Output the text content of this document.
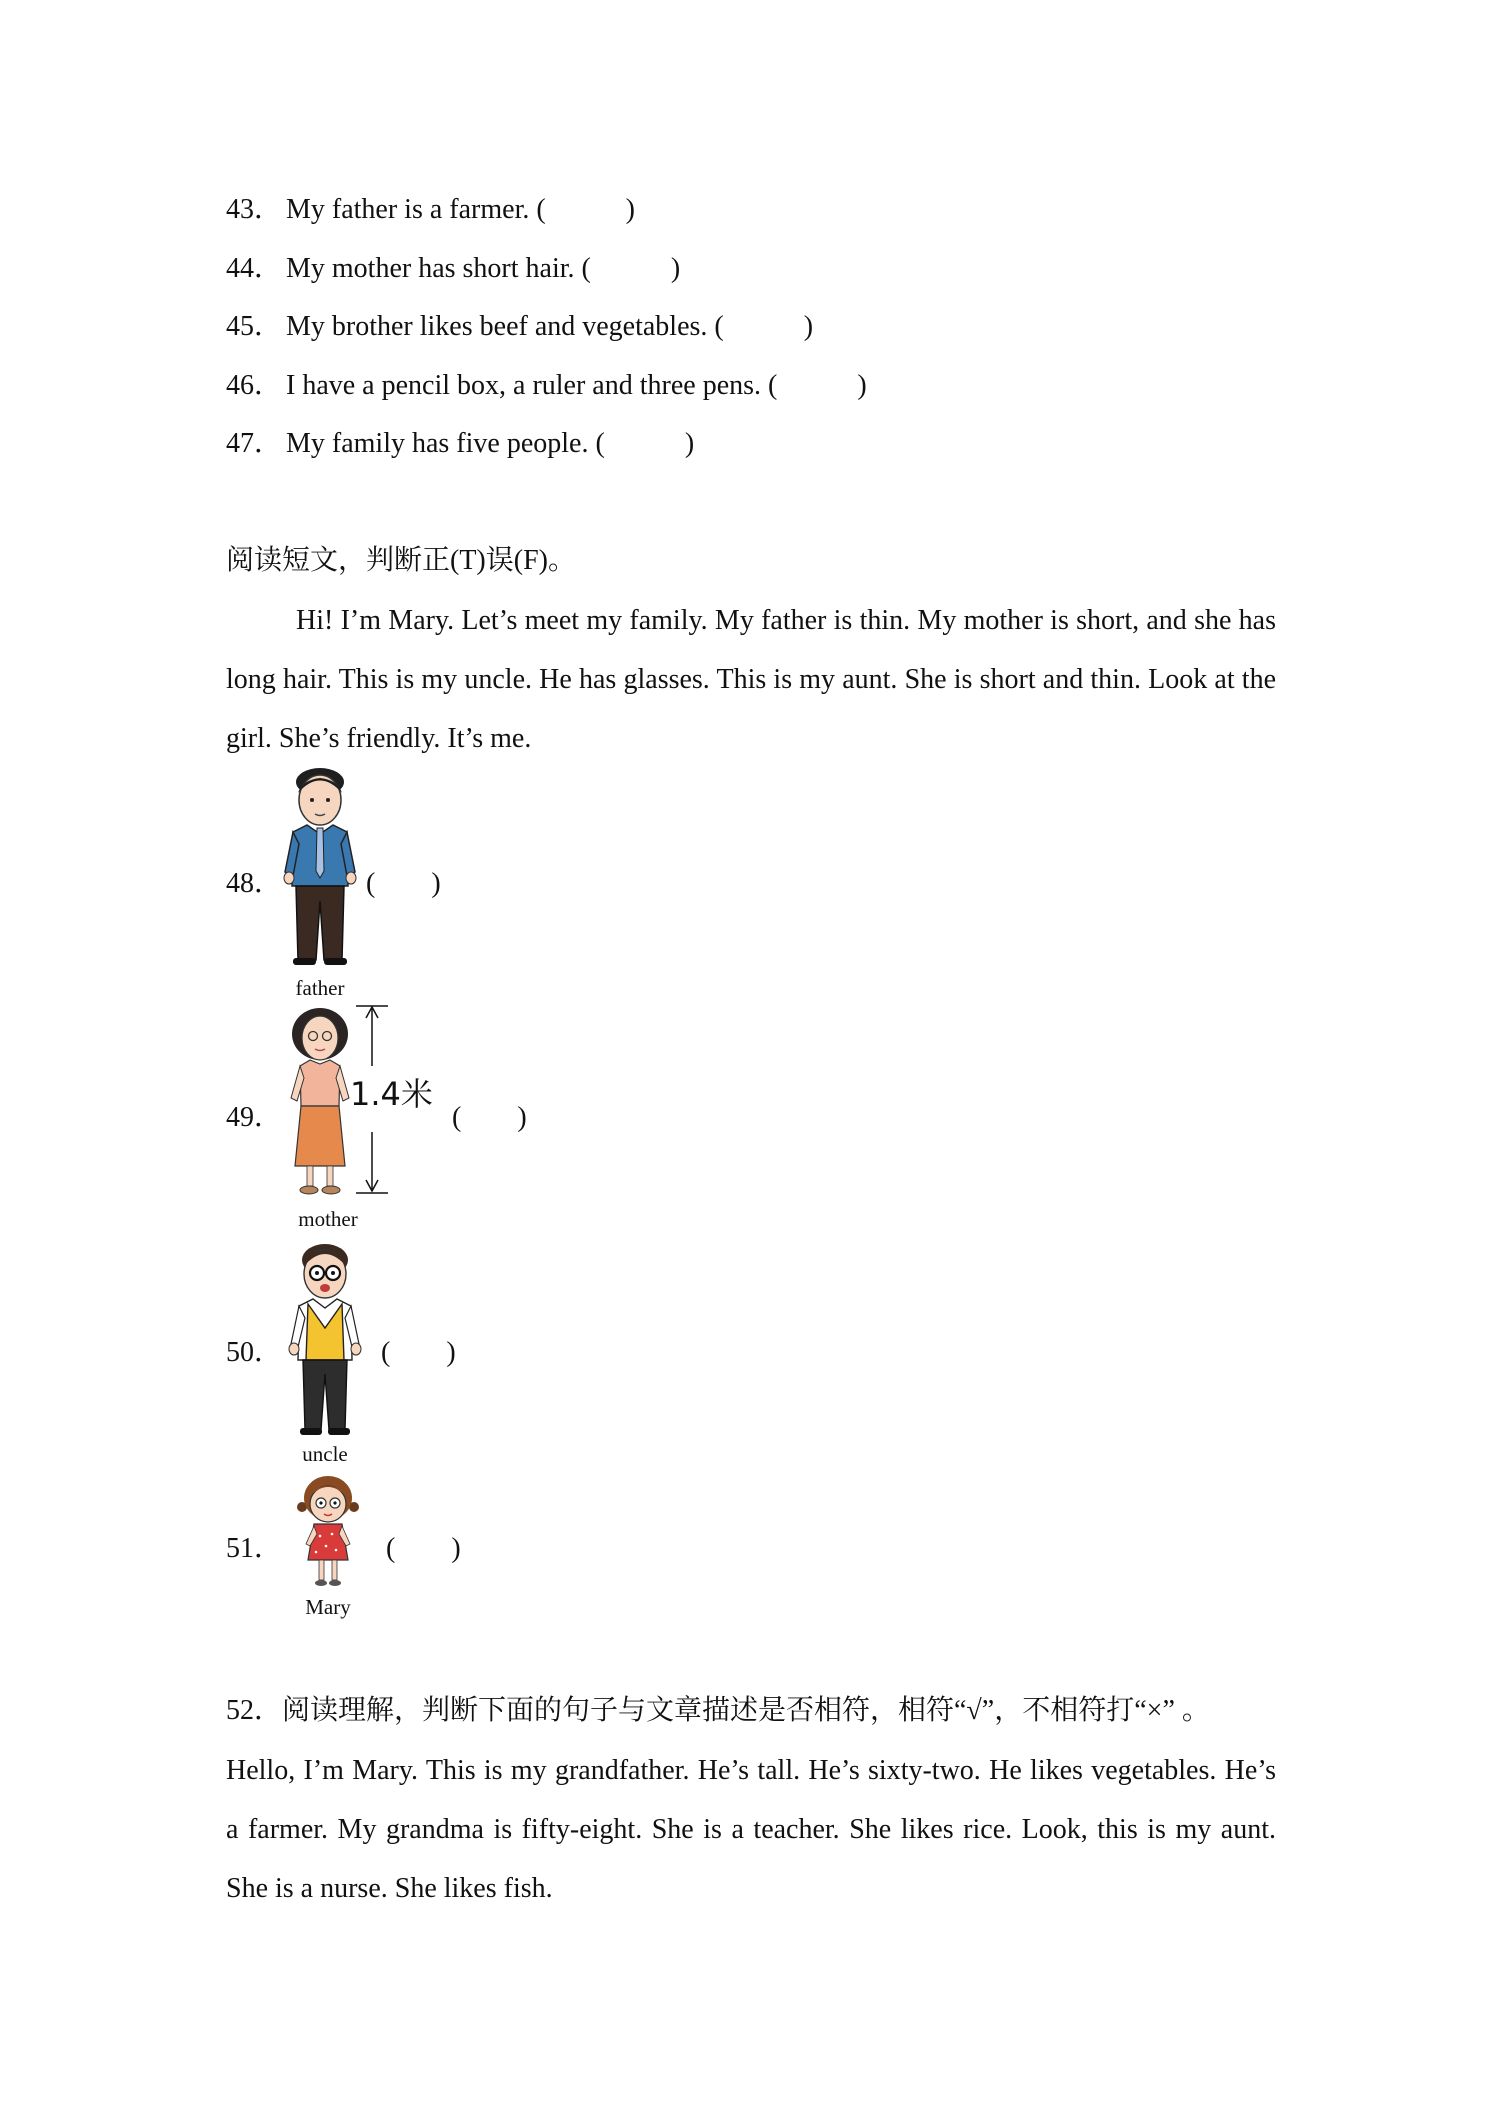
43． My father is a farmer. (	)
44． My mother has short hair. (	)
45． My brother likes beef and vegetables. (	)
46． I have a pencil box, a ruler and three pens. (	)
47． My family has five people. (	)
阅读短文，判断正(T)误(F)。
Hi! I’m Mary. Let’s meet my family. My father is thin. My mother is short, and she has long hair. This is my uncle. He has glasses. This is my aunt. She is short and thin. Look at the girl. She’s friendly. It’s me.
48．
father
(        )
49．
1.4米
mother
(        )
50．
uncle
(        )
51．
Mary
(        )
52．阅读理解，判断下面的句子与文章描述是否相符，相符“√”，不相符打“×” 。
Hello, I’m Mary. This is my grandfather. He’s tall. He’s sixty-two. He likes vegetables. He’s a farmer. My grandma is fifty-eight. She is a teacher. She likes rice. Look, this is my aunt. She is a nurse. She likes fish.
